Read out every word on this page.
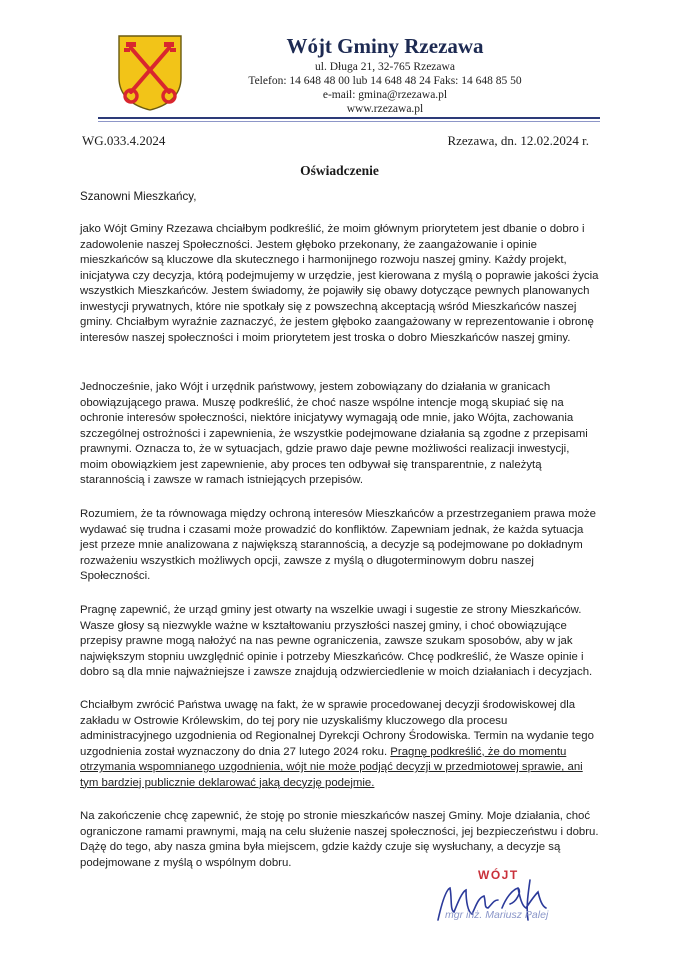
Wójt Gminy Rzezawa
ul. Długa 21, 32-765 Rzezawa
Telefon: 14 648 48 00 lub 14 648 48 24 Faks: 14 648 85 50
e-mail: gmina@rzezawa.pl
www.rzezawa.pl
WG.033.4.2024	Rzezawa, dn. 12.02.2024 r.
Oświadczenie
Szanowni Mieszkańcy,

jako Wójt Gminy Rzezawa chciałbym podkreślić, że moim głównym priorytetem jest dbanie o dobro i zadowolenie naszej Społeczności. Jestem głęboko przekonany, że zaangażowanie i opinie mieszkańców są kluczowe dla skutecznego i harmonijnego rozwoju naszej gminy. Każdy projekt, inicjatywa czy decyzja, którą podejmujemy w urzędzie, jest kierowana z myślą o poprawie jakości życia wszystkich Mieszkańców. Jestem świadomy, że pojawiły się obawy dotyczące pewnych planowanych inwestycji prywatnych, które nie spotkały się z powszechną akceptacją wśród Mieszkańców naszej gminy. Chciałbym wyraźnie zaznaczyć, że jestem głęboko zaangażowany w reprezentowanie i obronę interesów naszej społeczności i moim priorytetem jest troska o dobro Mieszkańców naszej gminy.

Jednocześnie, jako Wójt i urzędnik państwowy, jestem zobowiązany do działania w granicach obowiązującego prawa. Muszę podkreślić, że choć nasze wspólne intencje mogą skupiać się na ochronie interesów społeczności, niektóre inicjatywy wymagają ode mnie, jako Wójta, zachowania szczególnej ostrożności i zapewnienia, że wszystkie podejmowane działania są zgodne z przepisami prawnymi. Oznacza to, że w sytuacjach, gdzie prawo daje pewne możliwości realizacji inwestycji, moim obowiązkiem jest zapewnienie, aby proces ten odbywał się transparentnie, z należytą starannością i zawsze w ramach istniejących przepisów.

Rozumiem, że ta równowaga między ochroną interesów Mieszkańców a przestrzeganiem prawa może wydawać się trudna i czasami może prowadzić do konfliktów. Zapewniam jednak, że każda sytuacja jest przeze mnie analizowana z największą starannością, a decyzje są podejmowane po dokładnym rozważeniu wszystkich możliwych opcji, zawsze z myślą o długoterminowym dobru naszej Społeczności.

Pragnę zapewnić, że urząd gminy jest otwarty na wszelkie uwagi i sugestie ze strony Mieszkańców. Wasze głosy są niezwykle ważne w kształtowaniu przyszłości naszej gminy, i choć obowiązujące przepisy prawne mogą nałożyć na nas pewne ograniczenia, zawsze szukam sposobów, aby w jak największym stopniu uwzględnić opinie i potrzeby Mieszkańców. Chcę podkreślić, że Wasze opinie i dobro są dla mnie najważniejsze i zawsze znajdują odzwierciedlenie w moich działaniach i decyzjach.

Chciałbym zwrócić Państwa uwagę na fakt, że w sprawie procedowanej decyzji środowiskowej dla zakładu w Ostrowie Królewskim, do tej pory nie uzyskaliśmy kluczowego dla procesu administracyjnego uzgodnienia od Regionalnej Dyrekcji Ochrony Środowiska. Termin na wydanie tego uzgodnienia został wyznaczony do dnia 27 lutego 2024 roku. Pragnę podkreślić, że do momentu otrzymania wspomnianego uzgodnienia, wójt nie może podjąć decyzji w przedmiotowej sprawie, ani tym bardziej publicznie deklarować jaką decyzję podejmie.

Na zakończenie chcę zapewnić, że stoję po stronie mieszkańców naszej Gminy. Moje działania, choć ograniczone ramami prawnymi, mają na celu służenie naszej społeczności, jej bezpieczeństwu i dobru. Dążę do tego, aby nasza gmina była miejscem, gdzie każdy czuje się wysłuchany, a decyzje są podejmowane z myślą o wspólnym dobru.

WÓJT
mgr inż. Mariusz Palej
